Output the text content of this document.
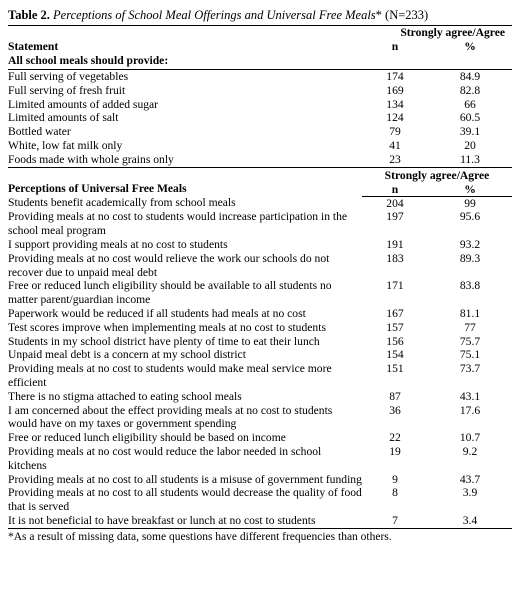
Table 2. Perceptions of School Meal Offerings and Universal Free Meals* (N=233)
	Strongly agree/Agree	
Statement	n	%
All school meals should provide:		
Full serving of vegetables	174	84.9
Full serving of fresh fruit	169	82.8
Limited amounts of added sugar	134	66
Limited amounts of salt	124	60.5
Bottled water	79	39.1
White, low fat milk only	41	20
Foods made with whole grains only	23	11.3
Perceptions of Universal Free Meals	Strongly agree/Agree	
	n	%
Students benefit academically from school meals	204	99
Providing meals at no cost to students would increase participation in the school meal program	197	95.6
I support providing meals at no cost to students	191	93.2
Providing meals at no cost would relieve the work our schools do not recover due to unpaid meal debt	183	89.3
Free or reduced lunch eligibility should be available to all students no matter parent/guardian income	171	83.8
Paperwork would be reduced if all students had meals at no cost	167	81.1
Test scores improve when implementing meals at no cost to students	157	77
Students in my school district have plenty of time to eat their lunch	156	75.7
Unpaid meal debt is a concern at my school district	154	75.1
Providing meals at no cost to students would make meal service more efficient	151	73.7
There is no stigma attached to eating school meals	87	43.1
I am concerned about the effect providing meals at no cost to students would have on my taxes or government spending	36	17.6
Free or reduced lunch eligibility should be based on income	22	10.7
Providing meals at no cost would reduce the labor needed in school kitchens	19	9.2
Providing meals at no cost to all students is a misuse of government funding	9	43.7
Providing meals at no cost to all students would decrease the quality of food that is served	8	3.9
It is not beneficial to have breakfast or lunch at no cost to students	7	3.4
*As a result of missing data, some questions have different frequencies than others.
